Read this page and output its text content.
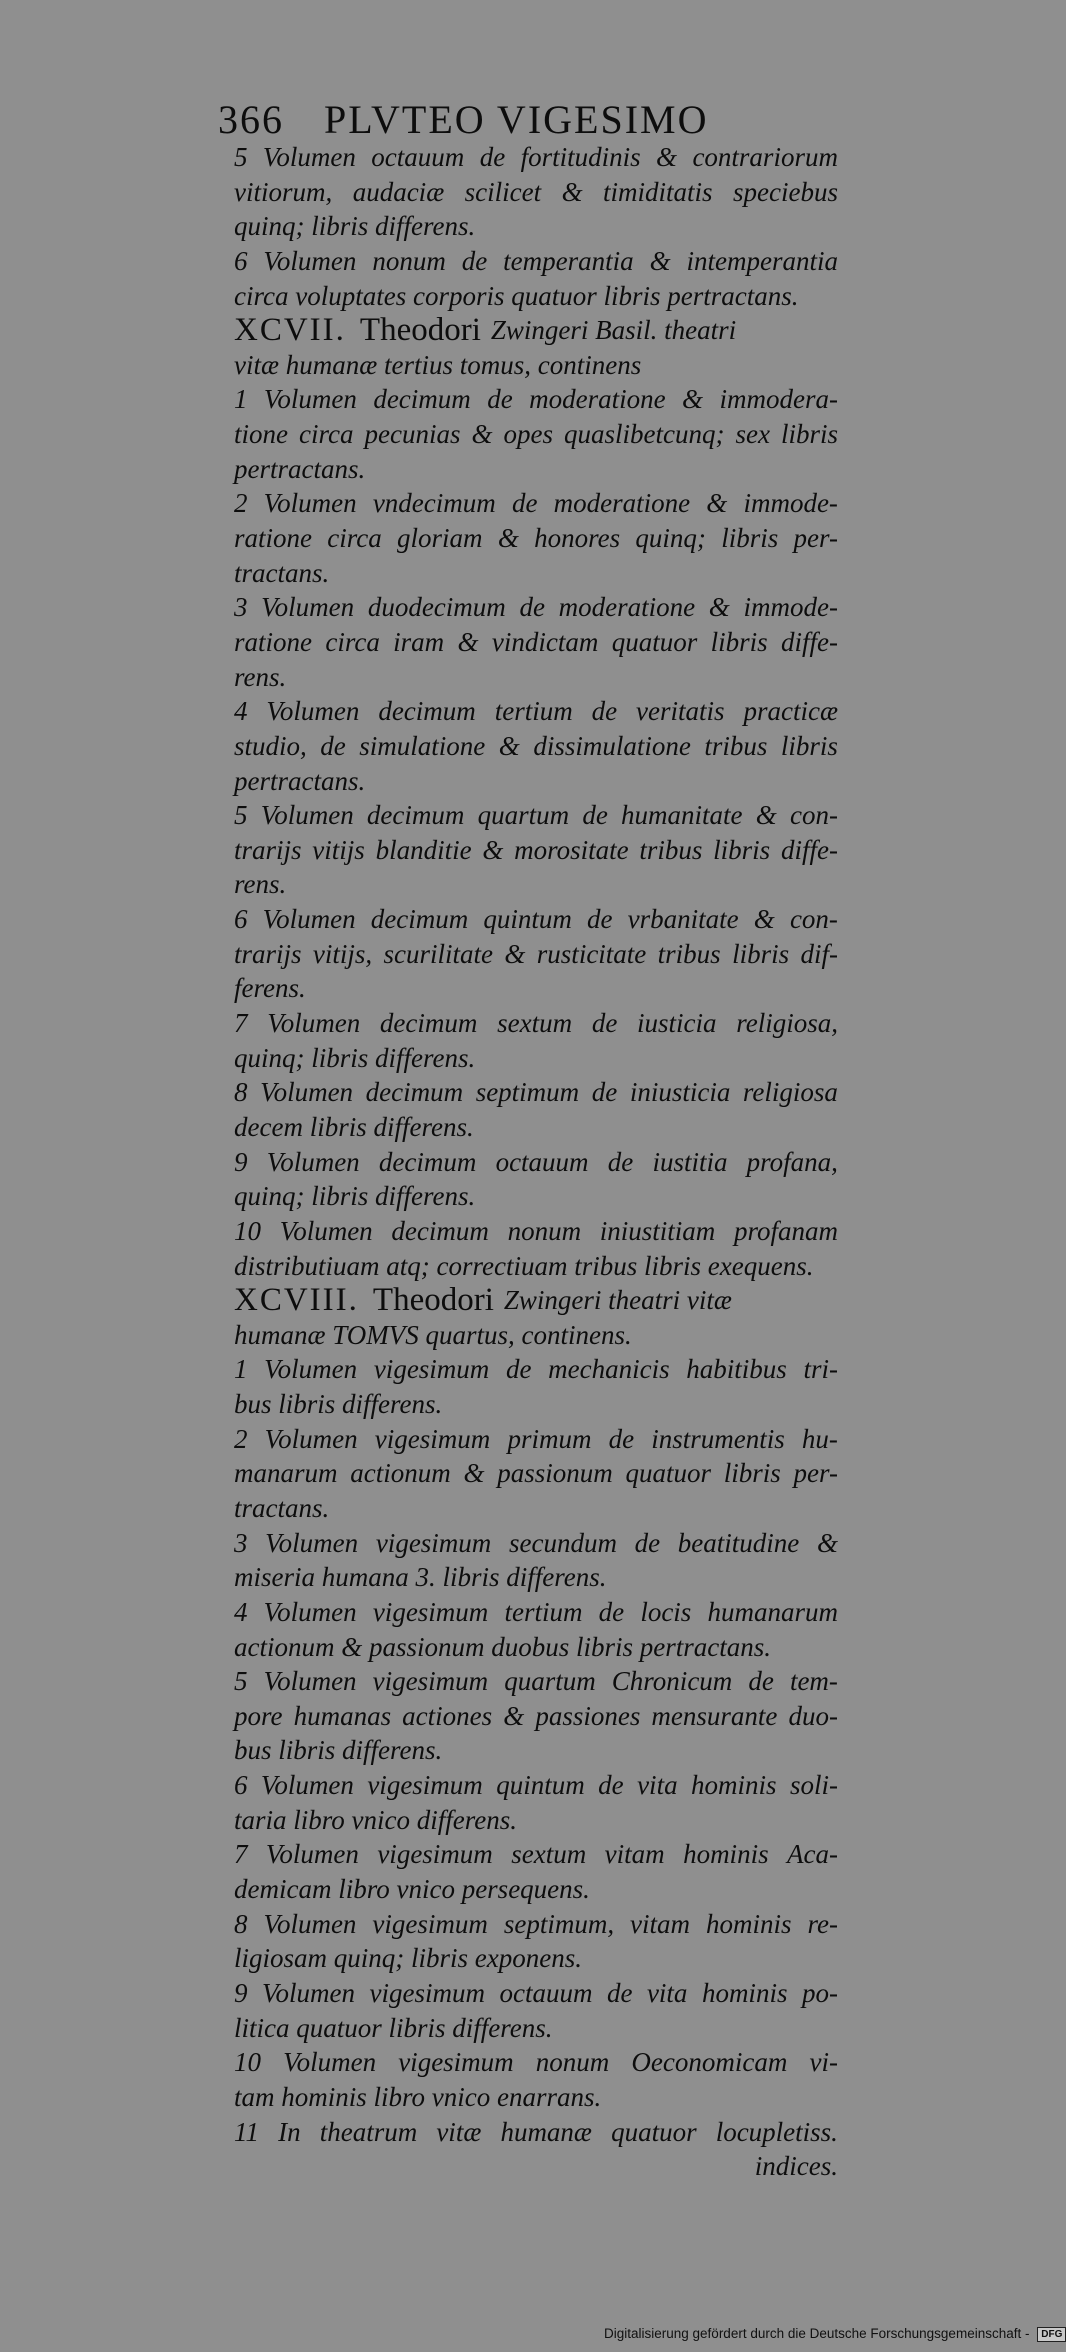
366 PLVTEO VIGESIMO
5 Volumen octauum de fortitudinis & contrariorum
vitiorum, audaciæ scilicet & timiditatis speciebus
quinq; libris differens.
6 Volumen nonum de temperantia & intemperantia
circa voluptates corporis quatuor libris pertractans.
XCVII. Theodori Zwingeri Basil. theatri
vitæ humanæ tertius tomus, continens
1 Volumen decimum de moderatione & immodera-
tione circa pecunias & opes quaslibetcunq; sex libris
pertractans.
2 Volumen vndecimum de moderatione & immode-
ratione circa gloriam & honores quinq; libris per-
tractans.
3 Volumen duodecimum de moderatione & immode-
ratione circa iram & vindictam quatuor libris diffe-
rens.
4 Volumen decimum tertium de veritatis practicæ
studio, de simulatione & dissimulatione tribus libris
pertractans.
5 Volumen decimum quartum de humanitate & con-
trarijs vitijs blanditie & morositate tribus libris diffe-
rens.
6 Volumen decimum quintum de vrbanitate & con-
trarijs vitijs, scurilitate & rusticitate tribus libris dif-
ferens.
7 Volumen decimum sextum de iusticia religiosa,
quinq; libris differens.
8 Volumen decimum septimum de iniusticia religiosa
decem libris differens.
9 Volumen decimum octauum de iustitia profana,
quinq; libris differens.
10 Volumen decimum nonum iniustitiam profanam
distributiuam atq; correctiuam tribus libris exequens.
XCVIII. Theodori Zwingeri theatri vitæ
humanæ TOMVS quartus, continens.
1 Volumen vigesimum de mechanicis habitibus tri-
bus libris differens.
2 Volumen vigesimum primum de instrumentis hu-
manarum actionum & passionum quatuor libris per-
tractans.
3 Volumen vigesimum secundum de beatitudine &
miseria humana 3. libris differens.
4 Volumen vigesimum tertium de locis humanarum
actionum & passionum duobus libris pertractans.
5 Volumen vigesimum quartum Chronicum de tem-
pore humanas actiones & passiones mensurante duo-
bus libris differens.
6 Volumen vigesimum quintum de vita hominis soli-
taria libro vnico differens.
7 Volumen vigesimum sextum vitam hominis Aca-
demicam libro vnico persequens.
8 Volumen vigesimum septimum, vitam hominis re-
ligiosam quinq; libris exponens.
9 Volumen vigesimum octauum de vita hominis po-
litica quatuor libris differens.
10 Volumen vigesimum nonum Oeconomicam vi-
tam hominis libro vnico enarrans.
11 In theatrum vitæ humanæ quatuor locupletiss.
indices.
Digitalisierung gefördert durch die Deutsche Forschungsgemeinschaft - DFG
